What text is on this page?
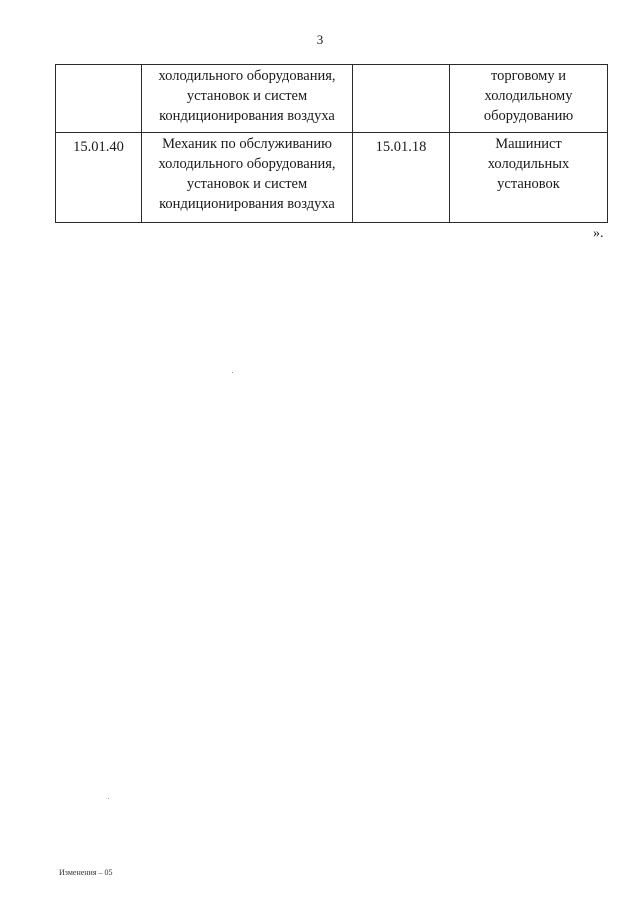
3
	холодильного оборудования,
установок и систем
кондиционирования воздуха		торговому и
холодильному
оборудованию
15.01.40	Механик по обслуживанию
холодильного оборудования,
установок и систем
кондиционирования воздуха	15.01.18	Машинист
холодильных
установок
».
Изменения – 05
